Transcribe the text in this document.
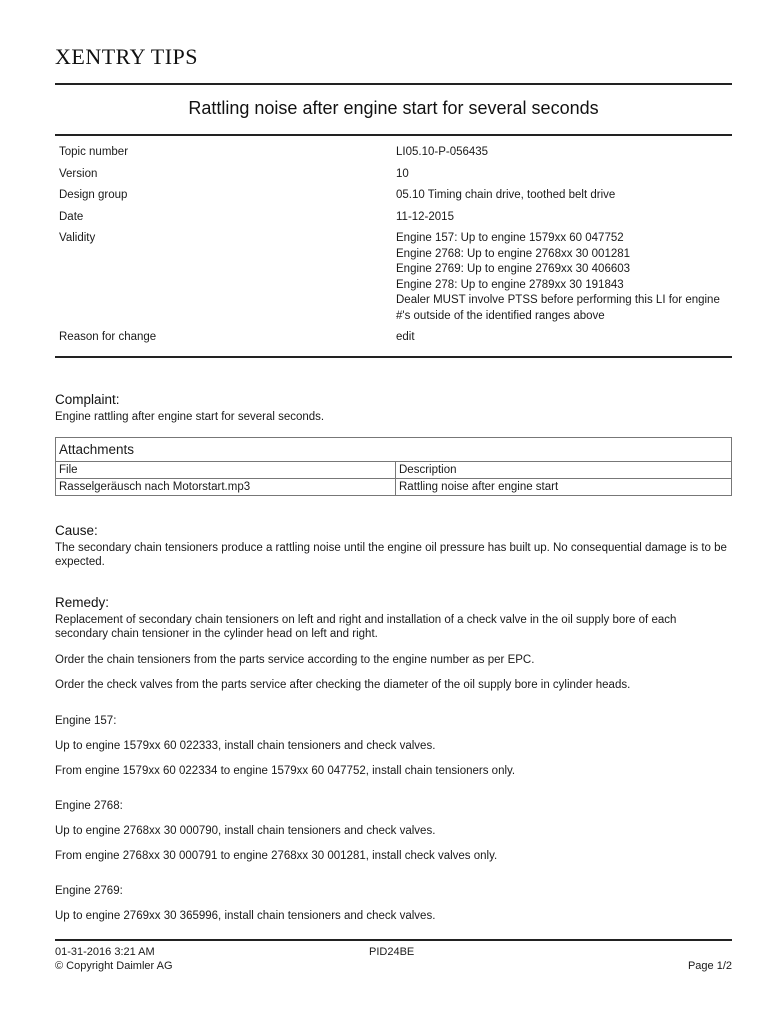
XENTRY TIPS
Rattling noise after engine start for several seconds
Topic number	LI05.10-P-056435
Version	10
Design group	05.10 Timing chain drive, toothed belt drive
Date	11-12-2015
Validity	Engine 157: Up to engine 1579xx 60 047752
Engine 2768: Up to engine 2768xx 30 001281
Engine 2769: Up to engine 2769xx 30 406603
Engine 278: Up to engine 2789xx 30 191843
Dealer MUST involve PTSS before performing this LI for engine #'s outside of the identified ranges above
Reason for change	edit
Complaint:

Engine rattling after engine start for several seconds.

Attachments	
File	Description
Rasselgeräusch nach Motorstart.mp3	Rattling noise after engine start
Cause:

The secondary chain tensioners produce a rattling noise until the engine oil pressure has built up. No consequential damage is to be expected.

Remedy:

Replacement of secondary chain tensioners on left and right and installation of a check valve in the oil supply bore of each secondary chain tensioner in the cylinder head on left and right.

Order the chain tensioners from the parts service according to the engine number as per EPC.
Order the check valves from the parts service after checking the diameter of the oil supply bore in cylinder heads.
Engine 157:
Up to engine 1579xx 60 022333, install chain tensioners and check valves.
From engine 1579xx 60 022334 to engine 1579xx 60 047752, install chain tensioners only.
Engine 2768:
Up to engine 2768xx 30 000790, install chain tensioners and check valves.
From engine 2768xx 30 000791 to engine 2768xx 30 001281, install check valves only.
Engine 2769:
Up to engine 2769xx 30 365996, install chain tensioners and check valves.
01-31-2016 3:21 AM
© Copyright Daimler AG
PID24BE
Page 1/2
